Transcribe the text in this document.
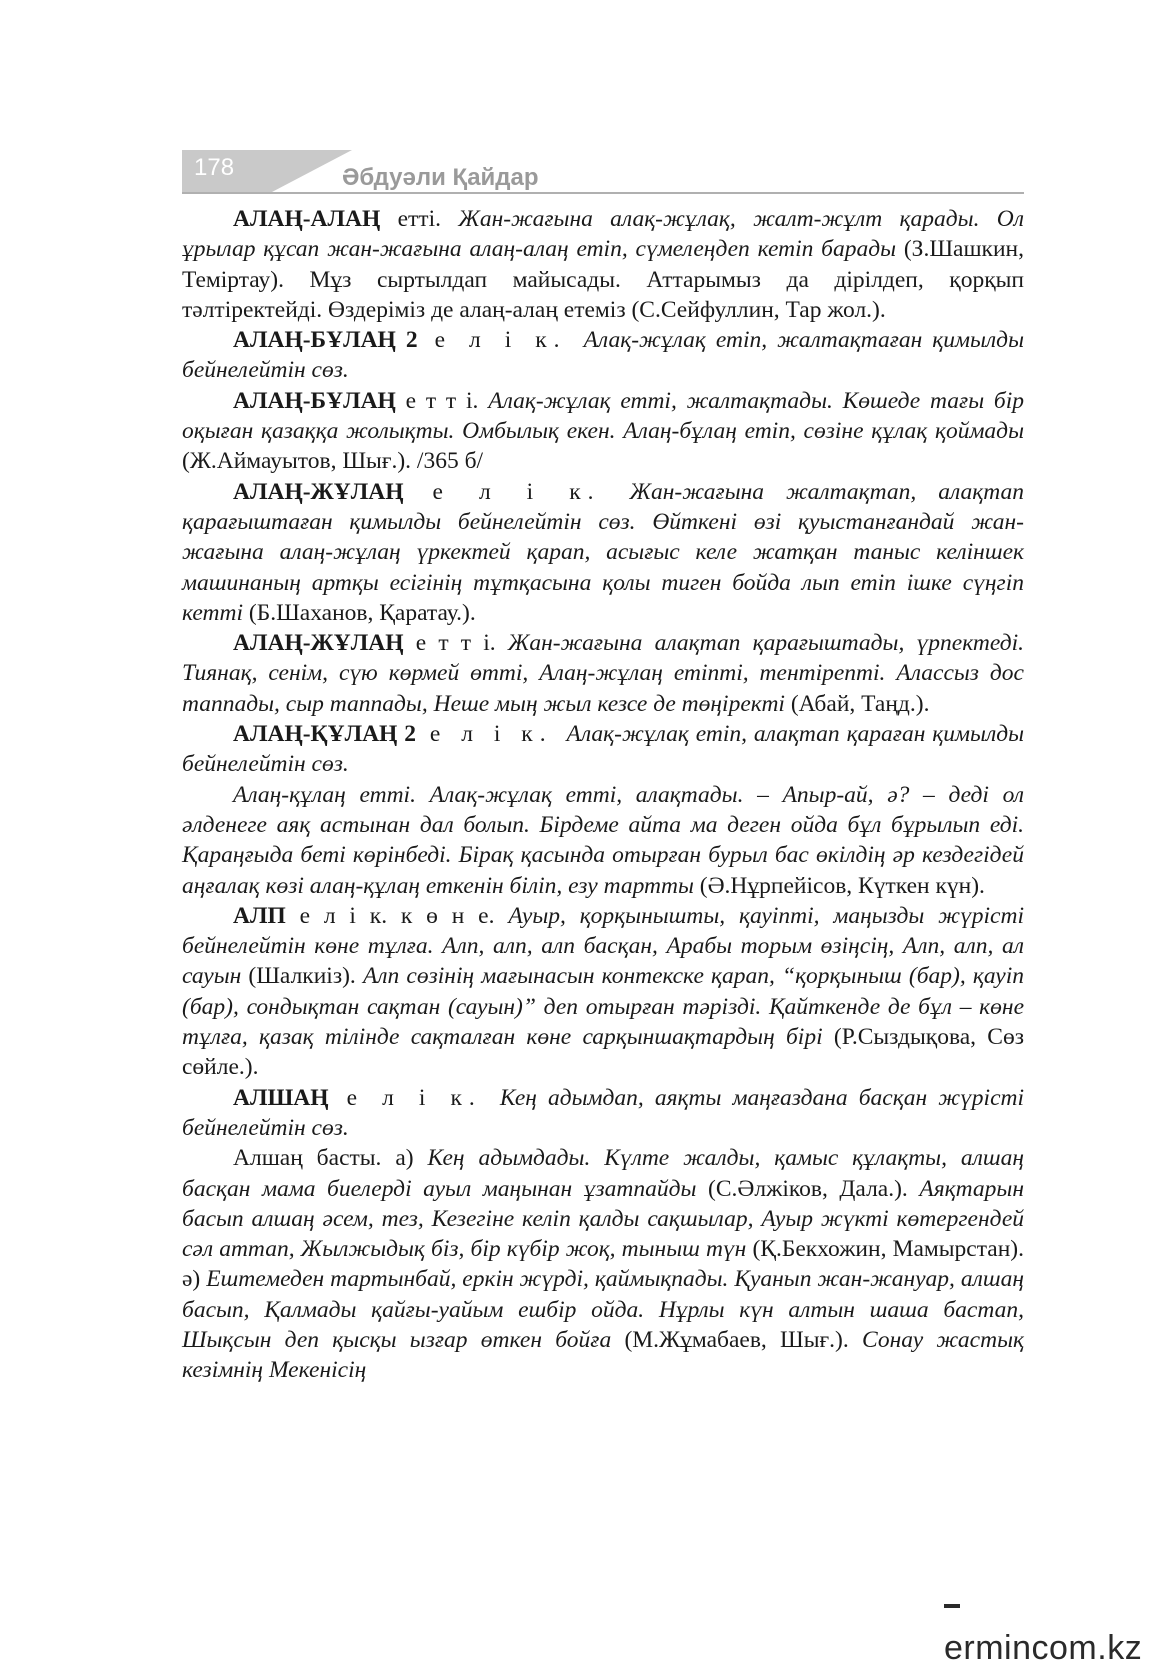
178	Әбдуәли Қайдар

АЛАҢ-АЛАҢ етті. Жан-жағына алақ-жұлақ, жалт-жұлт қарады. Ол ұрылар құсап жан-жағына алаң-алаң етіп, сүмелеңдеп кетіп барады (З.Шашкин, Теміртау). Мұз сыртылдап майысады. Аттарымыз да дірілдеп, қорқып тәлтіректейді. Өздеріміз де алаң-алаң етеміз (С.Сейфуллин, Тар жол.).

АЛАҢ-БҰЛАҢ 2 е л і к. Алақ-жұлақ етіп, жалтақтаған қимылды бейнелейтін сөз.

АЛАҢ-БҰЛАҢ е т т і. Алақ-жұлақ етті, жалтақтады. Көшеде тағы бір оқыған қазаққа жолықты. Омбылық екен. Алаң-бұлаң етіп, сөзіне құлақ қоймады (Ж.Аймауытов, Шығ.). /365 б/

АЛАҢ-ЖҰЛАҢ е л і к. Жан-жағына жалтақтап, алақтап қарағыштаған қимылды бейнелейтін сөз. Өйткені өзі қуыстанғандай жан-жағына алаң-жұлаң үркектей қарап, асығыс келе жатқан таныс келіншек машинаның артқы есігінің тұтқасына қолы тиген бойда лып етіп ішке сүңгіп кетті (Б.Шаханов, Қаратау.).

АЛАҢ-ЖҰЛАҢ е т т і. Жан-жағына алақтап қарағыштады, үрпектеді. Тиянақ, сенім, сүю көрмей өтті, Алаң-жұлаң етіпті, тентірепті. Алассыз дос таппады, сыр таппады, Неше мың жыл кезсе де төңіректі (Абай, Таңд.).

АЛАҢ-ҚҰЛАҢ 2 е л і к. Алақ-жұлақ етіп, алақтап қараған қимылды бейнелейтін сөз.

Алаң-құлаң етті. Алақ-жұлақ етті, алақтады. – Апыр-ай, ә? – деді ол әлденеге аяқ астынан дал болып. Бірдеме айта ма деген ойда бұл бұрылып еді. Қараңғыда беті көрінбеді. Бірақ қасында отырған бурыл бас өкілдің әр кездегідей аңғалақ көзі алаң-құлаң еткенін біліп, езу тартты (Ә.Нұрпейісов, Күткен күн).

АЛП е л і к. к ө н е. Ауыр, қорқынышты, қауіпті, маңызды жүрісті бейнелейтін көне тұлға. Алп, алп, алп басқан, Арабы торым өзіңсің, Алп, алп, ал сауын (Шалкиіз). Алп сөзінің мағынасын контекске қарап, “қорқыныш (бар), қауіп (бар), сондықтан сақтан (сауын)” деп отырған тәрізді. Қайткенде де бұл – көне тұлға, қазақ тілінде сақталған көне сарқыншақтардың бірі (Р.Сыздықова, Сөз сөйле.).

АЛШАҢ е л і к. Кең адымдап, аяқты маңғаздана басқан жүрісті бейнелейтін сөз.

Алшаң басты. а) Кең адымдады. Күлте жалды, қамыс құлақты, алшаң басқан мама биелерді ауыл маңынан ұзатпайды (С.Әлжіков, Дала.). Аяқтарын басып алшаң әсем, тез, Кезегіне келіп қалды сақшылар, Ауыр жүкті көтергендей сәл аттап, Жылжыдық біз, бір күбір жоқ, тыныш түн (Қ.Бекхожин, Мамырстан). ә) Ештемеден тартынбай, еркін жүрді, қаймықпады. Қуанып жан-жануар, алшаң басып, Қалмады қайғы-уайым ешбір ойда. Нұрлы күн алтын шаша бастап, Шықсын деп қысқы ызғар өткен бойға (М.Жұмабаев, Шығ.). Сонау жастық кезімнің Мекенісің

ermincom.kz
